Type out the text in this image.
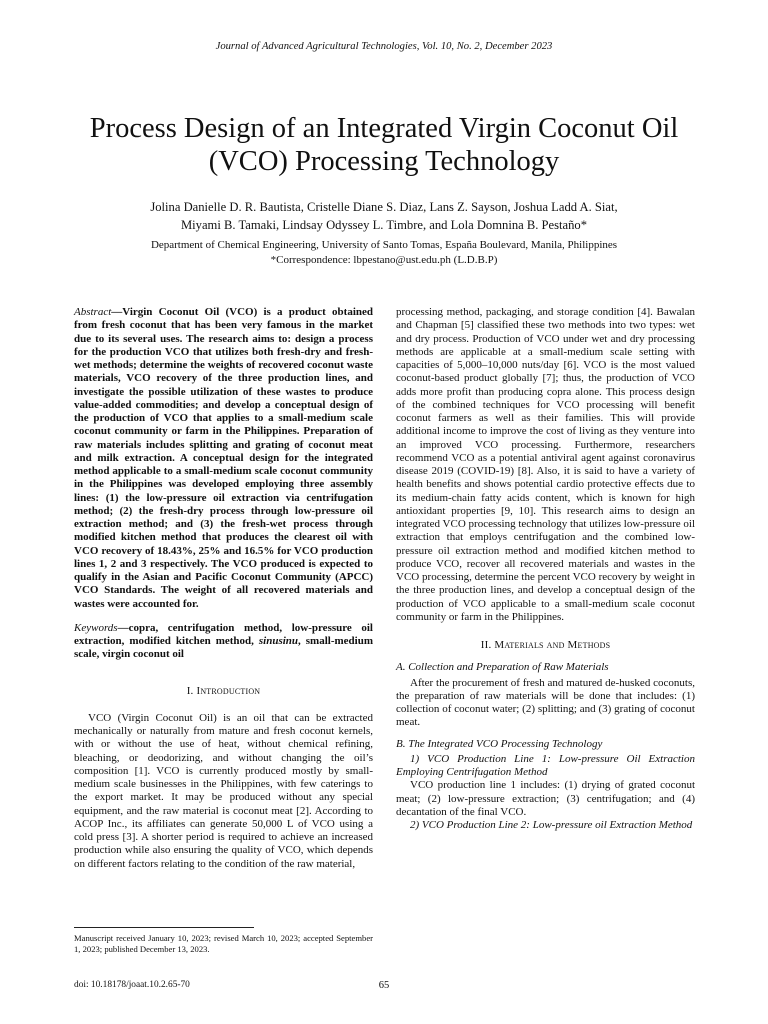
Journal of Advanced Agricultural Technologies, Vol. 10, No. 2, December 2023
Process Design of an Integrated Virgin Coconut Oil (VCO) Processing Technology
Jolina Danielle D. R. Bautista, Cristelle Diane S. Diaz, Lans Z. Sayson, Joshua Ladd A. Siat,
Miyami B. Tamaki, Lindsay Odyssey L. Timbre, and Lola Domnina B. Pestaño*
Department of Chemical Engineering, University of Santo Tomas, España Boulevard, Manila, Philippines
*Correspondence: lbpestano@ust.edu.ph (L.D.B.P)

Abstract—Virgin Coconut Oil (VCO) is a product obtained from fresh coconut that has been very famous in the market due to its several uses. The research aims to: design a process for the production VCO that utilizes both fresh-dry and fresh-wet methods; determine the weights of recovered coconut waste materials, VCO recovery of the three production lines, and investigate the possible utilization of these wastes to produce value-added commodities; and develop a conceptual design of the production of VCO that applies to a small-medium scale coconut community or farm in the Philippines. Preparation of raw materials includes splitting and grating of coconut meat and milk extraction. A conceptual design for the integrated method applicable to a small-medium scale coconut community in the Philippines was developed employing three assembly lines: (1) the low-pressure oil extraction via centrifugation method; (2) the fresh-dry process through low-pressure oil extraction method; and (3) the fresh-wet process through modified kitchen method that produces the clearest oil with VCO recovery of 18.43%, 25% and 16.5% for VCO production lines 1, 2 and 3 respectively. The VCO produced is expected to qualify in the Asian and Pacific Coconut Community (APCC) VCO Standards. The weight of all recovered materials and wastes were accounted for.

Keywords—copra, centrifugation method, low-pressure oil extraction, modified kitchen method, sinusinu, small-medium scale, virgin coconut oil

I. Introduction

VCO (Virgin Coconut Oil) is an oil that can be extracted mechanically or naturally from mature and fresh coconut kernels, with or without the use of heat, without chemical refining, bleaching, or deodorizing, and without changing the oil’s composition [1]. VCO is currently produced mostly by small-medium scale businesses in the Philippines, with few caterings to the export market. It may be produced without any special equipment, and the raw material is coconut meat [2]. According to ACOP Inc., its affiliates can generate 50,000 L of VCO using a cold press [3]. A shorter period is required to achieve an increased production while also ensuring the quality of VCO, which depends on different factors relating to the condition of the raw material,

processing method, packaging, and storage condition [4]. Bawalan and Chapman [5] classified these two methods into two types: wet and dry process. Production of VCO under wet and dry processing methods are applicable at a small-medium scale setting with capacities of 5,000–10,000 nuts/day [6]. VCO is the most valued coconut-based product globally [7]; thus, the production of VCO adds more profit than producing copra alone. This process design of the combined techniques for VCO processing will benefit coconut farmers as well as their families. This will provide additional income to improve the cost of living as they venture into an improved VCO processing. Furthermore, researchers recommend VCO as a potential antiviral agent against coronavirus disease 2019 (COVID-19) [8]. Also, it is said to have a variety of health benefits and shows potential cardio protective effects due to its medium-chain fatty acids content, which is known for high antioxidant properties [9, 10]. This research aims to design an integrated VCO processing technology that utilizes low-pressure oil extraction that employs centrifugation and the combined low-pressure oil extraction method and modified kitchen method to produce VCO, recover all recovered materials and wastes in the VCO processing, determine the percent VCO recovery by weight in the three production lines, and develop a conceptual design of the production of VCO applicable to a small-medium scale coconut community or farm in the Philippines.

II. Materials and Methods

A. Collection and Preparation of Raw Materials

After the procurement of fresh and matured de-husked coconuts, the preparation of raw materials will be done that includes: (1) collection of coconut water; (2) splitting; and (3) grating of coconut meat.

B. The Integrated VCO Processing Technology

1) VCO Production Line 1: Low-pressure Oil Extraction Employing Centrifugation Method

VCO production line 1 includes: (1) drying of grated coconut meat; (2) low-pressure extraction; (3) centrifugation; and (4) decantation of the final VCO.

2) VCO Production Line 2: Low-pressure oil Extraction Method

Manuscript received January 10, 2023; revised March 10, 2023; accepted September 1, 2023; published December 13, 2023.
doi: 10.18178/joaat.10.2.65-70	65
